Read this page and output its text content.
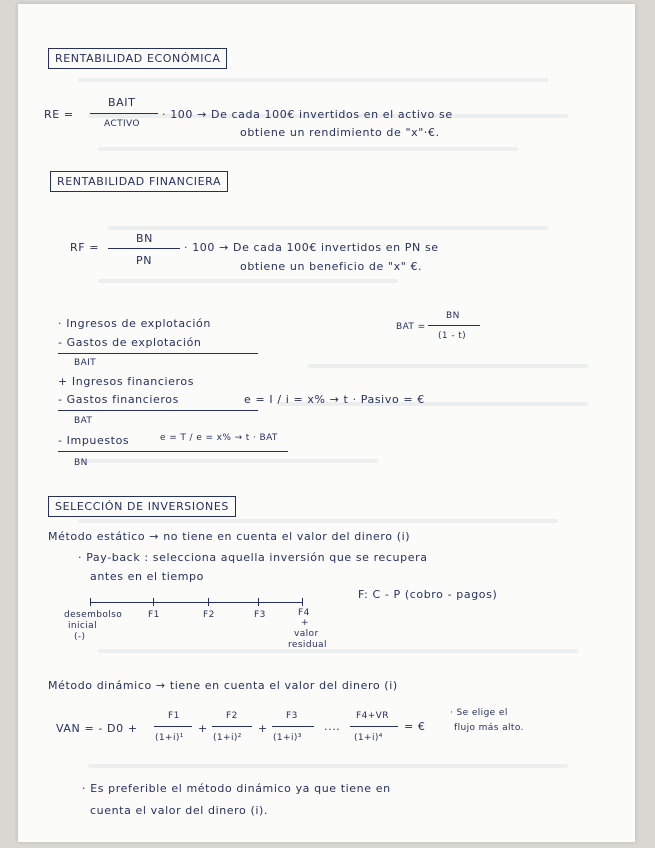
RENTABILIDAD ECONÓMICA
RE =
BAIT
ACTIVO
· 100 → De cada 100€ invertidos en el activo se
obtiene un rendimiento de "x"·€.
RENTABILIDAD FINANCIERA
RF =
BN
PN
· 100 → De cada 100€ invertidos en PN se
obtiene un beneficio de "x" €.
· Ingresos de explotación
- Gastos de explotación
BAIT
+ Ingresos financieros
- Gastos financieros	e = I / i = x% → t · Pasivo = €
BAT
- Impuestos	e = T / e = x% → t · BAT
BN
BAT =
BN
(1 - t)
SELECCIÓN DE INVERSIONES
Método estático → no tiene en cuenta el valor del dinero (i)
· Pay-back : selecciona aquella inversión que se recupera
antes en el tiempo
desembolso
inicial
(-)
F1	F2	F3	F4
+
valor
residual
F: C - P (cobro - pagos)
Método dinámico → tiene en cuenta el valor del dinero (i)
VAN = - D0 +
F1
(1+i)¹
+
F2
(1+i)²
+
F3
(1+i)³
....
F4+VR
(1+i)⁴
= €
· Se elige el
flujo más alto.
· Es preferible el método dinámico ya que tiene en
cuenta el valor del dinero (i).
